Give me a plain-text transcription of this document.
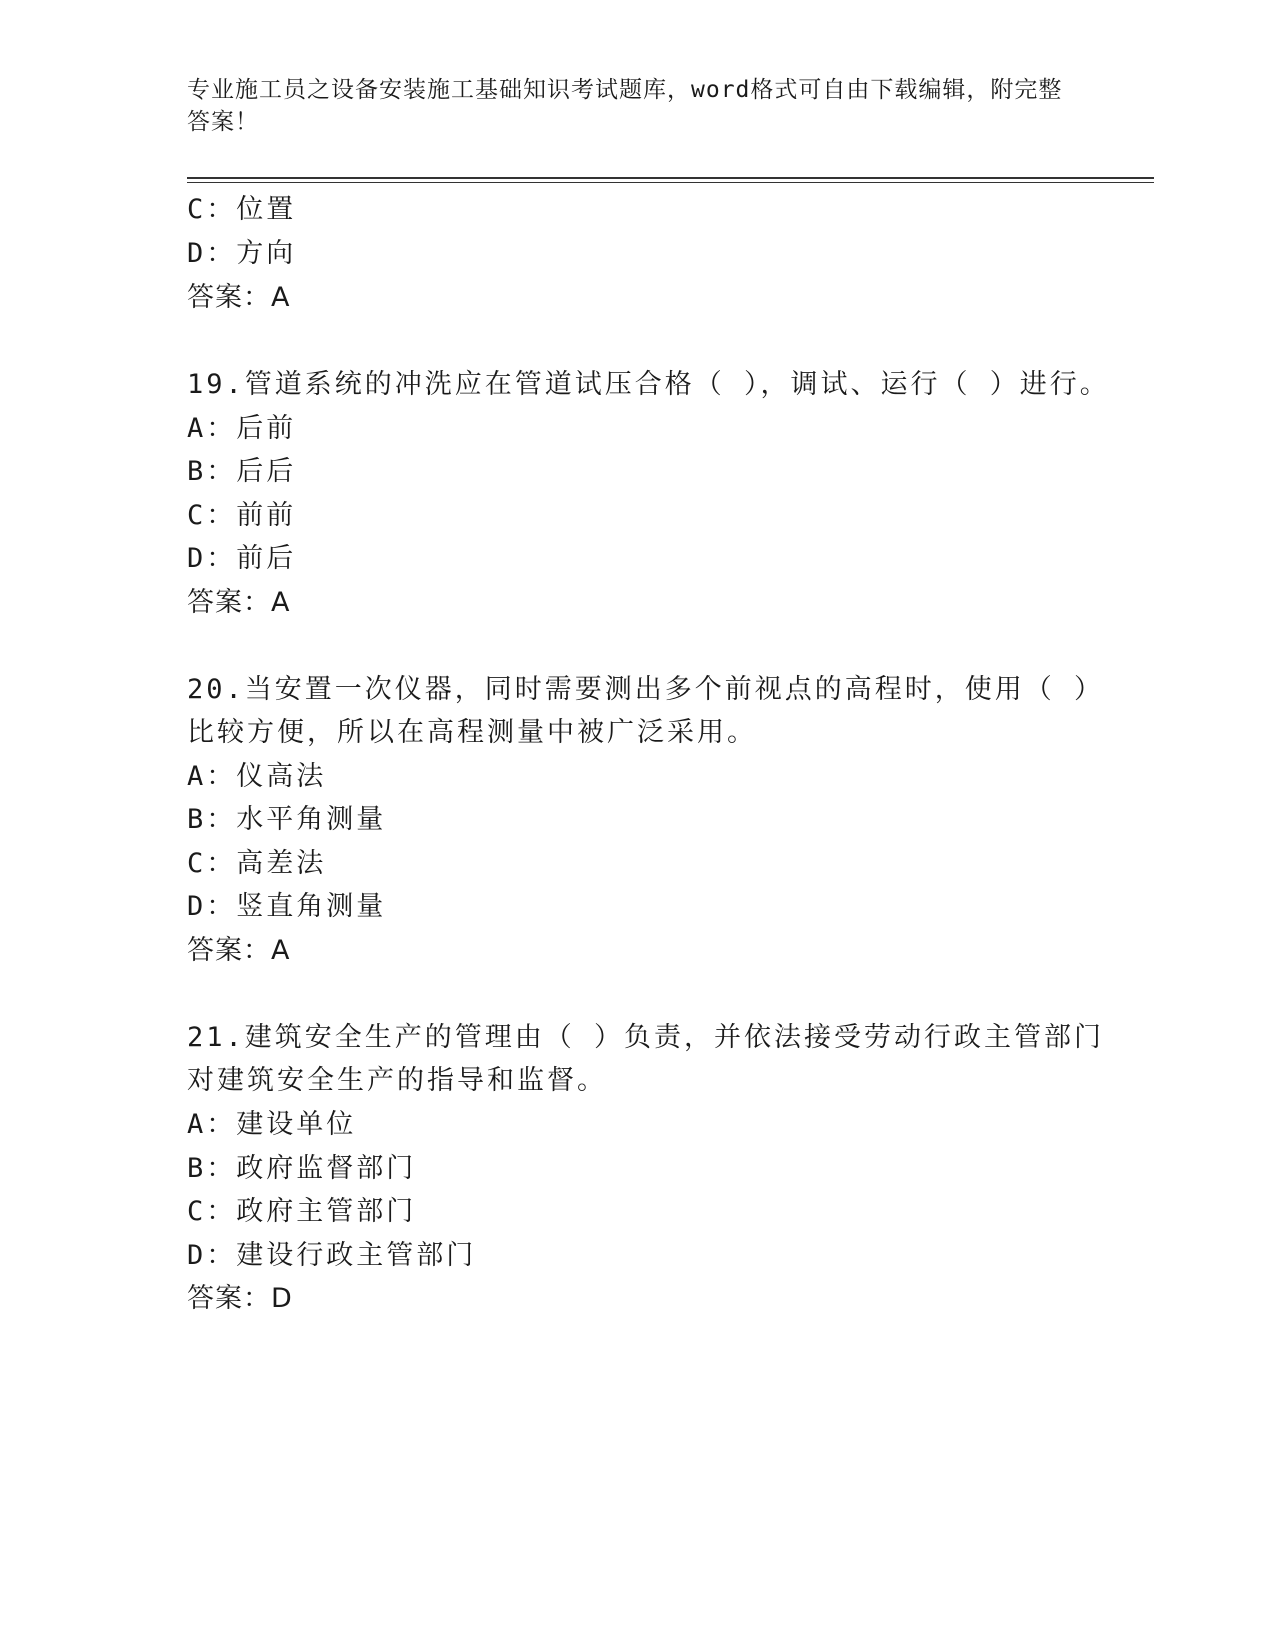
专业施工员之设备安装施工基础知识考试题库，word格式可自由下载编辑，附完整答案！
C：位置
D：方向
答案：A
19.管道系统的冲洗应在管道试压合格（ ），调试、运行（ ）进行。
A：后前
B：后后
C：前前
D：前后
答案：A
20.当安置一次仪器，同时需要测出多个前视点的高程时，使用（ ）
比较方便，所以在高程测量中被广泛采用。
A：仪高法
B：水平角测量
C：高差法
D：竖直角测量
答案：A
21.建筑安全生产的管理由（ ）负责，并依法接受劳动行政主管部门
对建筑安全生产的指导和监督。
A：建设单位
B：政府监督部门
C：政府主管部门
D：建设行政主管部门
答案：D
